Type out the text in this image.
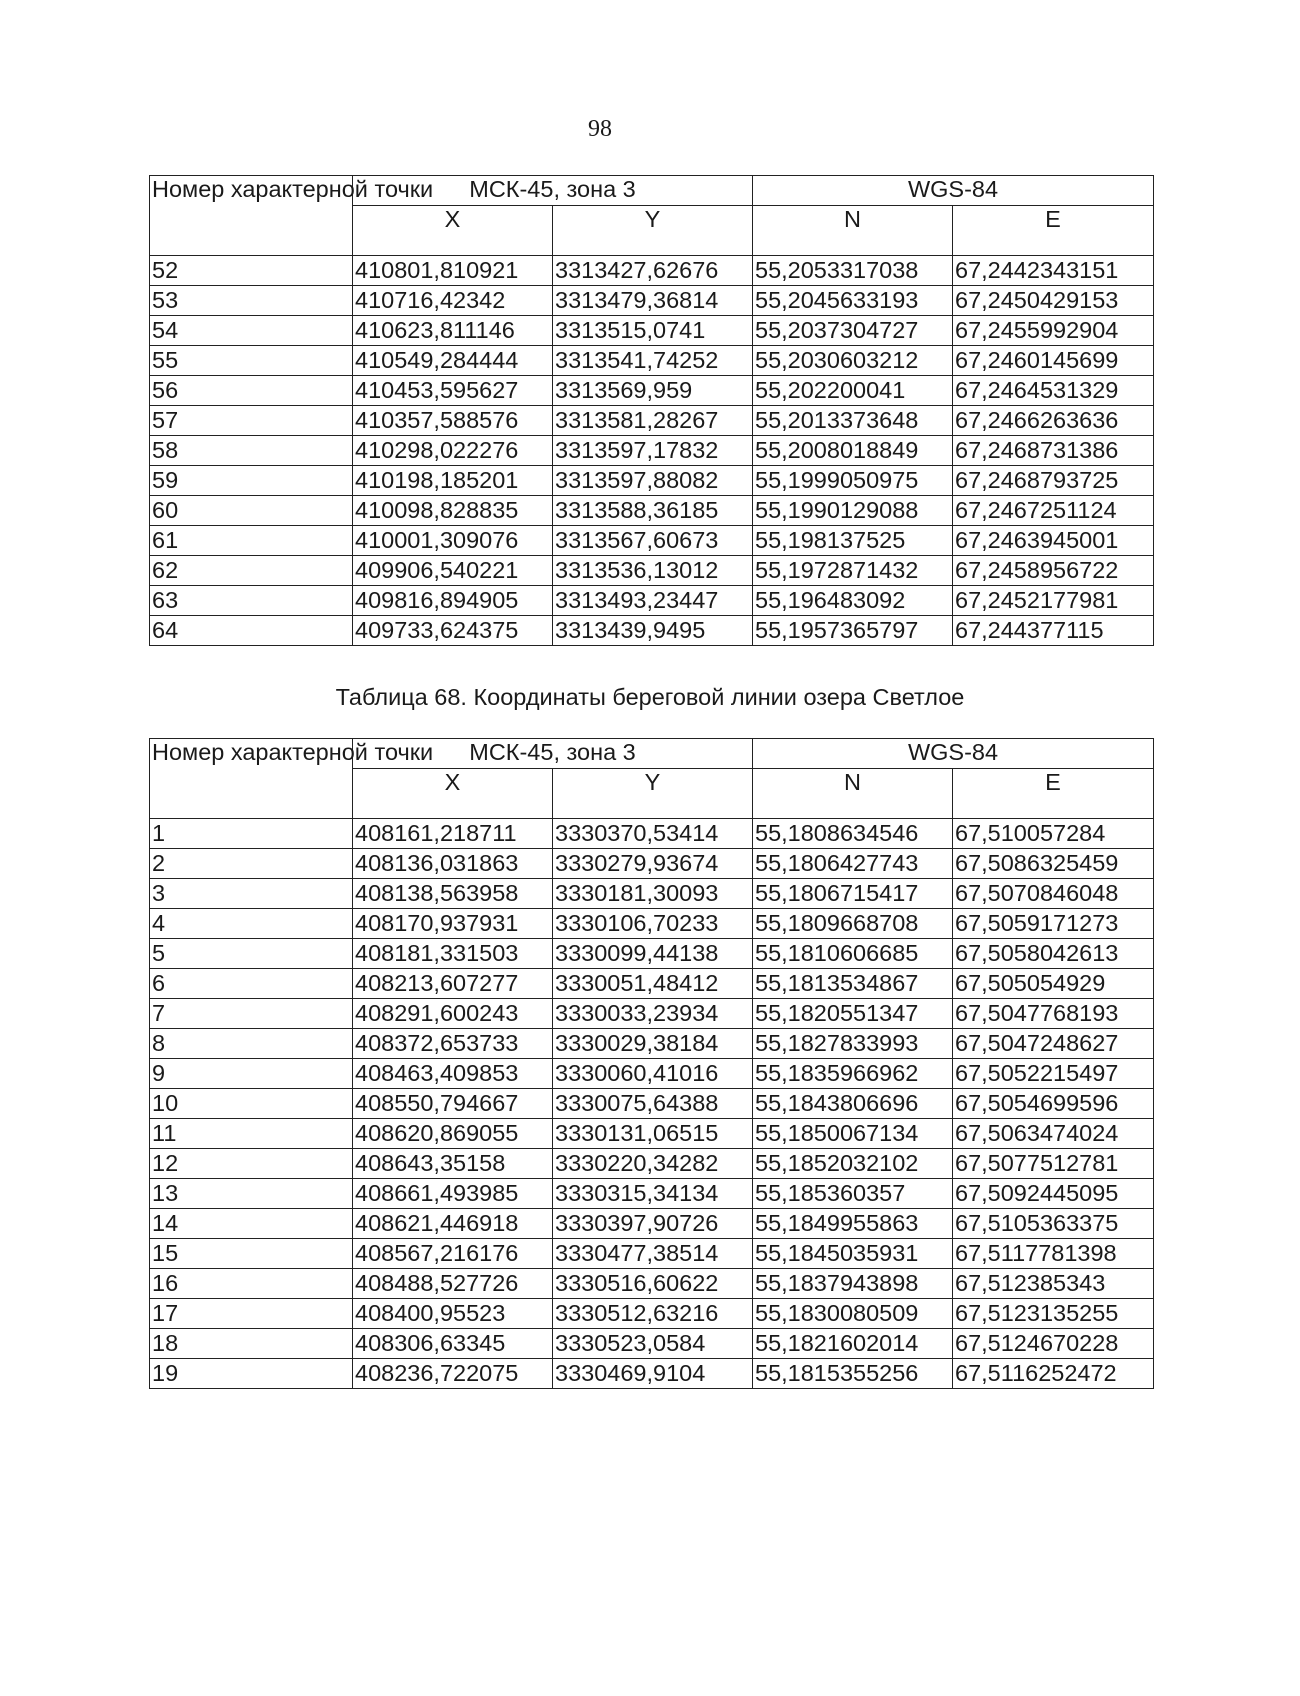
98
Номер характерной точки	МСК-45, зона 3		WGS-84	
	X	Y	N	E
52	410801,810921	3313427,62676	55,2053317038	67,2442343151
53	410716,42342	3313479,36814	55,2045633193	67,2450429153
54	410623,811146	3313515,0741	55,2037304727	67,2455992904
55	410549,284444	3313541,74252	55,2030603212	67,2460145699
56	410453,595627	3313569,959	55,202200041	67,2464531329
57	410357,588576	3313581,28267	55,2013373648	67,2466263636
58	410298,022276	3313597,17832	55,2008018849	67,2468731386
59	410198,185201	3313597,88082	55,1999050975	67,2468793725
60	410098,828835	3313588,36185	55,1990129088	67,2467251124
61	410001,309076	3313567,60673	55,198137525	67,2463945001
62	409906,540221	3313536,13012	55,1972871432	67,2458956722
63	409816,894905	3313493,23447	55,196483092	67,2452177981
64	409733,624375	3313439,9495	55,1957365797	67,244377115
Таблица 68. Координаты береговой линии озера Светлое
Номер характерной точки	МСК-45, зона 3		WGS-84	
	X	Y	N	E
1	408161,218711	3330370,53414	55,1808634546	67,510057284
2	408136,031863	3330279,93674	55,1806427743	67,5086325459
3	408138,563958	3330181,30093	55,1806715417	67,5070846048
4	408170,937931	3330106,70233	55,1809668708	67,5059171273
5	408181,331503	3330099,44138	55,1810606685	67,5058042613
6	408213,607277	3330051,48412	55,1813534867	67,505054929
7	408291,600243	3330033,23934	55,1820551347	67,5047768193
8	408372,653733	3330029,38184	55,1827833993	67,5047248627
9	408463,409853	3330060,41016	55,1835966962	67,5052215497
10	408550,794667	3330075,64388	55,1843806696	67,5054699596
11	408620,869055	3330131,06515	55,1850067134	67,5063474024
12	408643,35158	3330220,34282	55,1852032102	67,5077512781
13	408661,493985	3330315,34134	55,185360357	67,5092445095
14	408621,446918	3330397,90726	55,1849955863	67,5105363375
15	408567,216176	3330477,38514	55,1845035931	67,5117781398
16	408488,527726	3330516,60622	55,1837943898	67,512385343
17	408400,95523	3330512,63216	55,1830080509	67,5123135255
18	408306,63345	3330523,0584	55,1821602014	67,5124670228
19	408236,722075	3330469,9104	55,1815355256	67,5116252472
